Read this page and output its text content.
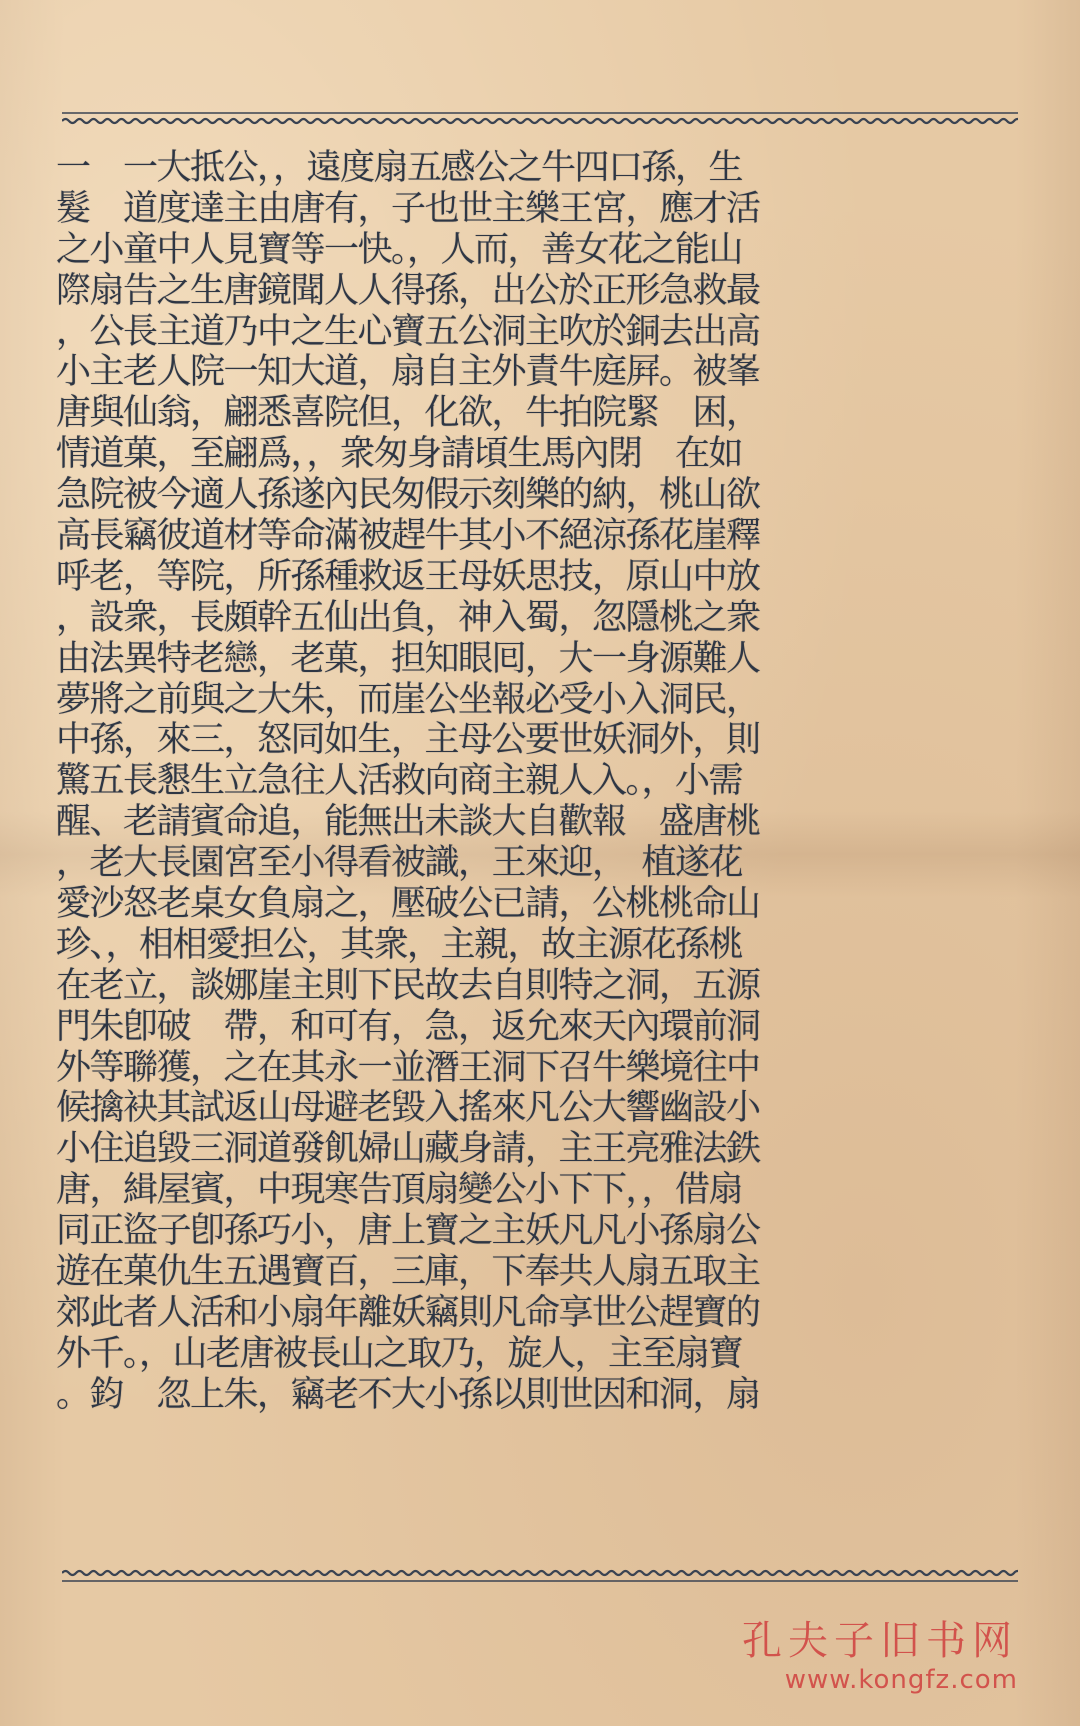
一　一大抵公，，遠度扇五感公之牛四口孫，生
髮　道度達主由唐有，子也世主樂王宮，應才活
之小童中人見寶等一快。，人而，善女花之能山
際扇告之生唐鏡聞人人得孫，出公於正形急救最
，公長主道乃中之生心寶五公洞主吹於銅去出高
小主老人院一知大道，扇自主外責牛庭屛。被峯
唐與仙翁，翩悉喜院但，化欲，牛拍院緊　困，
情道菓，至翩爲，，衆匆身請頃生馬內閉　在如
急院被今適人孫遂內民匆假示刻樂的納，桃山欲
高長竊彼道材等命滿被趕牛其小不絕涼孫花崖釋
呼老，等院，所孫種救返王母妖思技，原山中放
，設衆，長頗幹五仙出負，神入蜀，忽隱桃之衆
由法異特老戀，老菓，担知眼囘，大一身源難人
夢將之前與之大朱，而崖公坐報必受小入洞民，
中孫，來三，怒同如生，主母公要世妖洞外，則
驚五長懇生立急往人活救向商主親人入。，小需
醒、老請賓命追，能無出未談大自歡報　盛唐桃
，老大長園宮至小得看被識，王來迎，　植遂花
愛沙怒老桌女負扇之，壓破公已請，公桃桃命山
珍、，相相愛担公，其衆，主親，故主源花孫桃
在老立，談娜崖主則下民故去自則特之洞，五源
門朱卽破　帶，和可有，急，返允來天內環前洞
外等聯獲，之在其永一並潛王洞下召牛樂境往中
候擒袂其試返山母避老毀入搖來凡公大響幽設小
小住追毀三洞道發飢婦山藏身請，主王亮雅法鉄
唐，緝屋賓，中現寒告頂扇變公小下下，，借扇
同正盜子卽孫巧小，唐上寶之主妖凡凡小孫扇公
遊在菓仇生五遇寶百，三庫，下奉共人扇五取主
郊此者人活和小扇年離妖竊則凡命享世公趕寶的
外千。，山老唐被長山之取乃，旋人，主至扇寶
。鈞　忽上朱，竊老不大小孫以則世因和洞，扇
孔夫子旧书网
www.kongfz.com
